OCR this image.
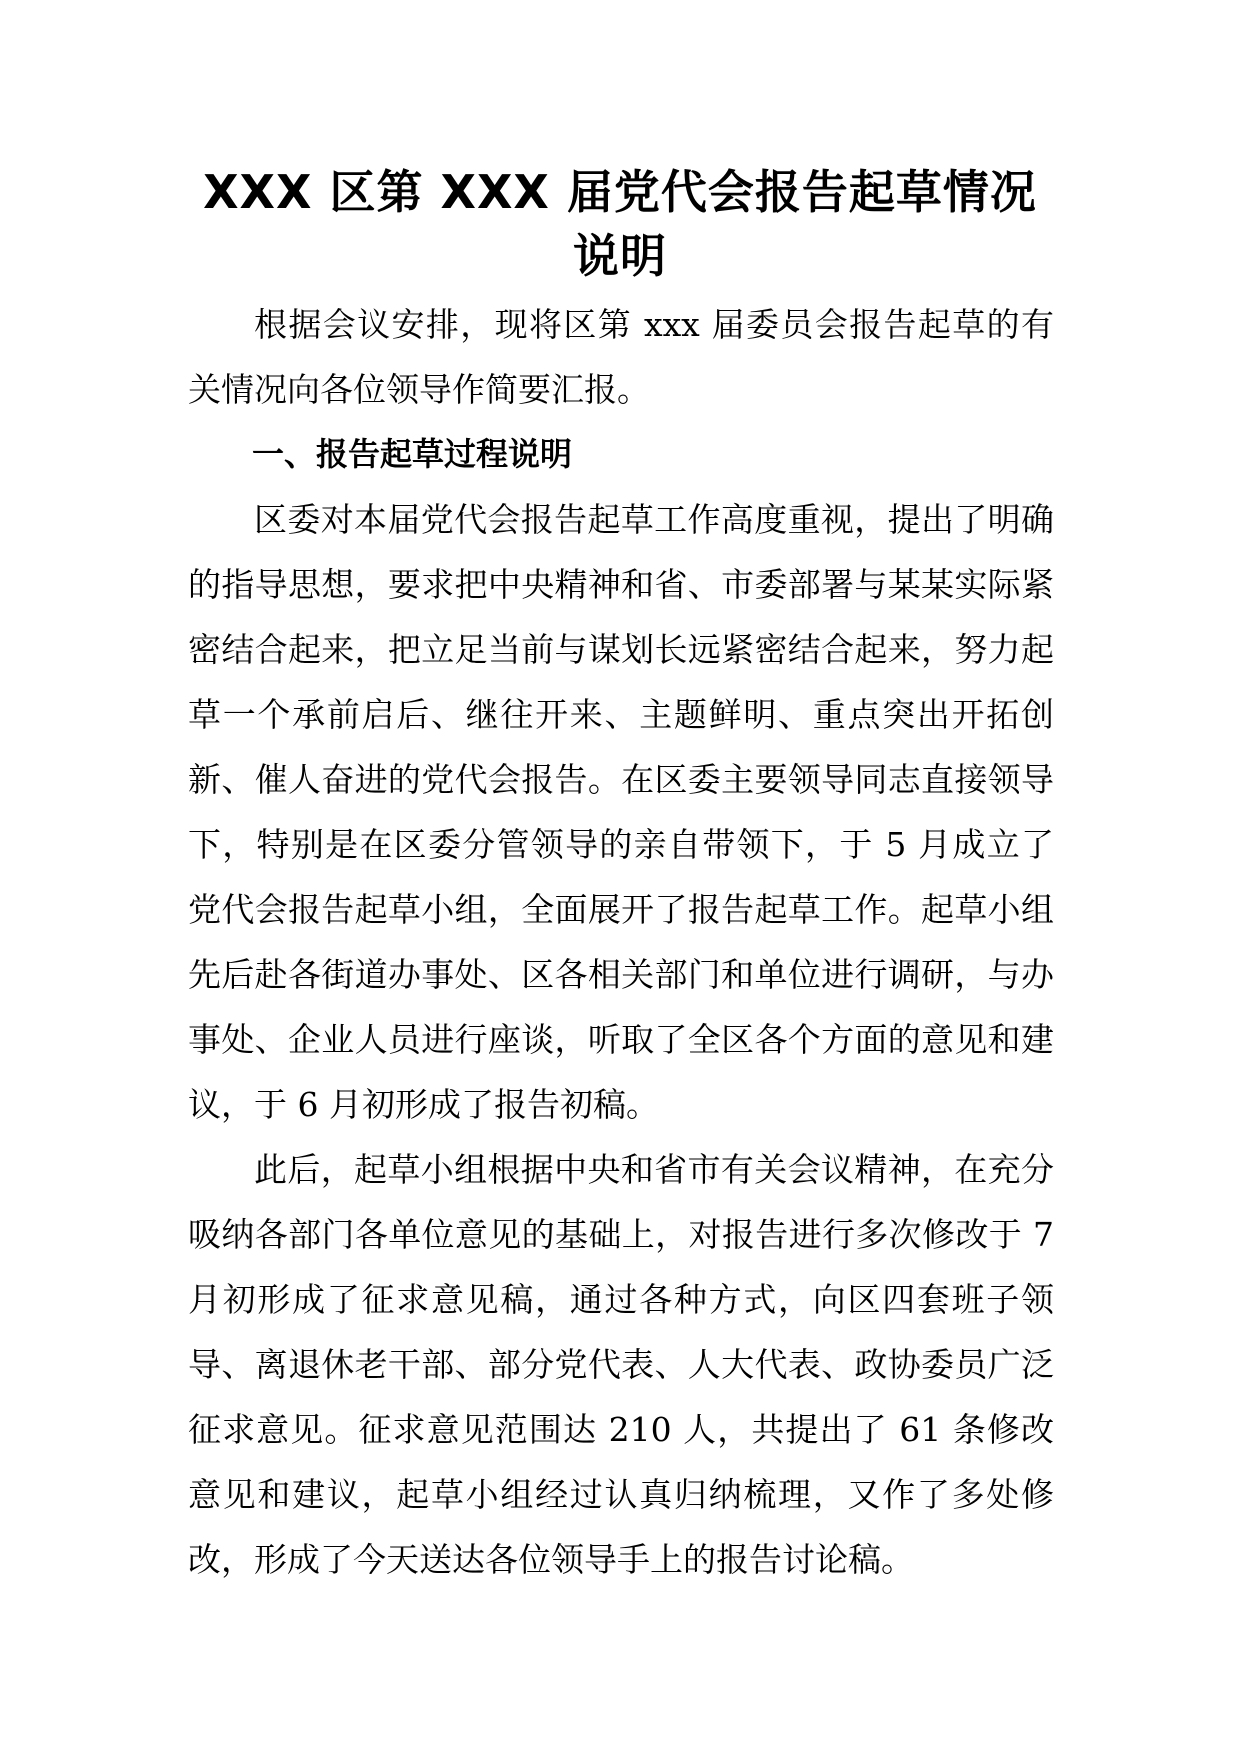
XXX 区第 XXX 届党代会报告起草情况说明

根据会议安排，现将区第 xxx 届委员会报告起草的有关情况向各位领导作简要汇报。

一、报告起草过程说明

区委对本届党代会报告起草工作高度重视，提出了明确的指导思想，要求把中央精神和省、市委部署与某某实际紧密结合起来，把立足当前与谋划长远紧密结合起来，努力起草一个承前启后、继往开来、主题鲜明、重点突出开拓创新、催人奋进的党代会报告。在区委主要领导同志直接领导下，特别是在区委分管领导的亲自带领下，于 5 月成立了党代会报告起草小组，全面展开了报告起草工作。起草小组先后赴各街道办事处、区各相关部门和单位进行调研，与办事处、企业人员进行座谈，听取了全区各个方面的意见和建议，于 6 月初形成了报告初稿。

此后，起草小组根据中央和省市有关会议精神，在充分吸纳各部门各单位意见的基础上，对报告进行多次修改于 7 月初形成了征求意见稿，通过各种方式，向区四套班子领导、离退休老干部、部分党代表、人大代表、政协委员广泛征求意见。征求意见范围达 210 人，共提出了 61 条修改意见和建议，起草小组经过认真归纳梳理，又作了多处修改，形成了今天送达各位领导手上的报告讨论稿。
